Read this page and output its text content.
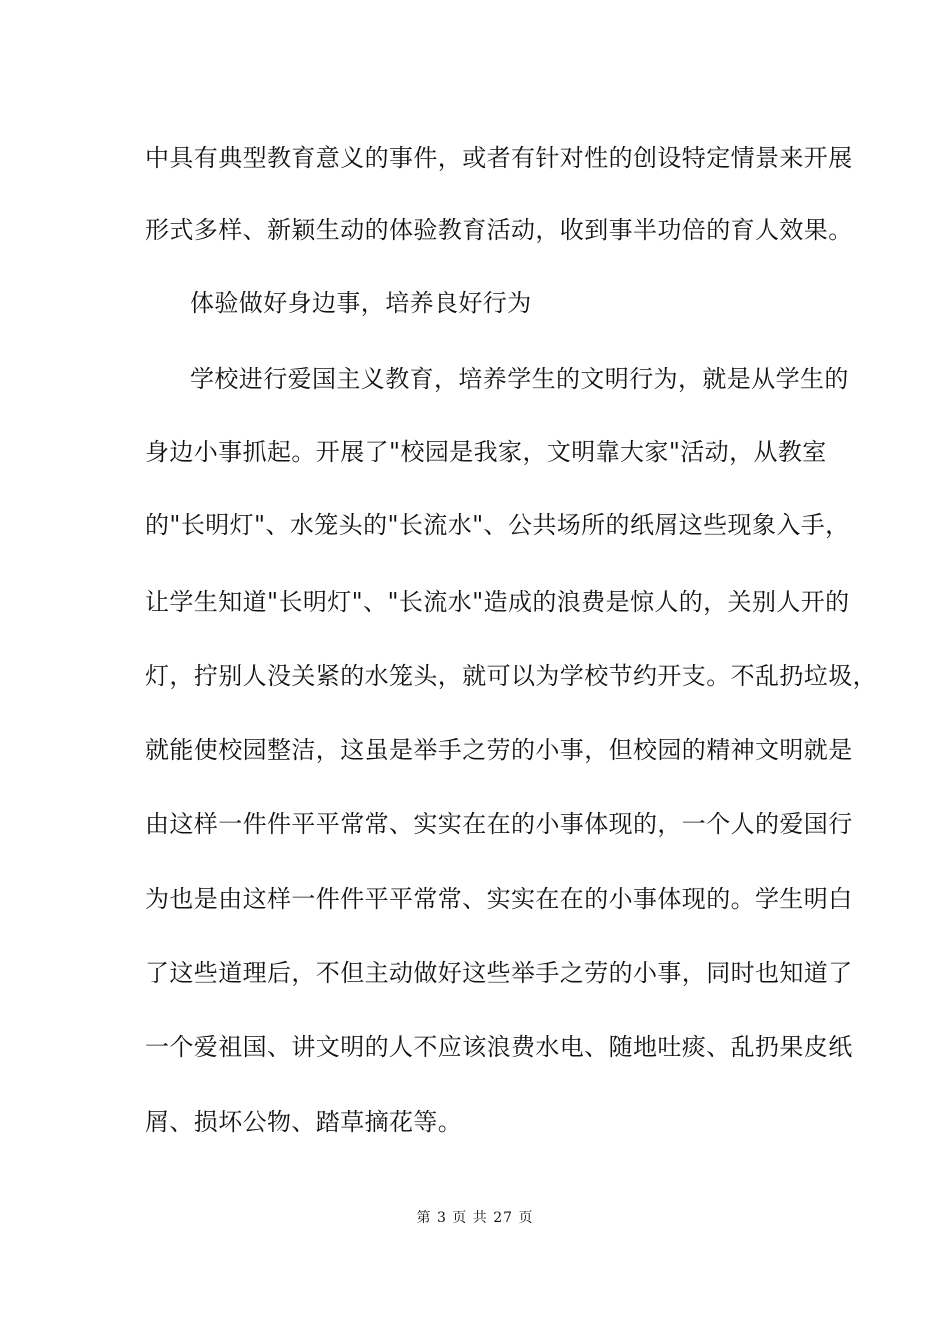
中具有典型教育意义的事件，或者有针对性的创设特定情景来开展
形式多样、新颖生动的体验教育活动，收到事半功倍的育人效果。
体验做好身边事，培养良好行为
学校进行爱国主义教育，培养学生的文明行为，就是从学生的
身边小事抓起。开展了"校园是我家，文明靠大家"活动，从教室
的"长明灯"、水笼头的"长流水"、公共场所的纸屑这些现象入手，
让学生知道"长明灯"、"长流水"造成的浪费是惊人的，关别人开的
灯，拧别人没关紧的水笼头，就可以为学校节约开支。不乱扔垃圾，
就能使校园整洁，这虽是举手之劳的小事，但校园的精神文明就是
由这样一件件平平常常、实实在在的小事体现的，一个人的爱国行
为也是由这样一件件平平常常、实实在在的小事体现的。学生明白
了这些道理后，不但主动做好这些举手之劳的小事，同时也知道了
一个爱祖国、讲文明的人不应该浪费水电、随地吐痰、乱扔果皮纸
屑、损坏公物、踏草摘花等。
第 3 页 共 27 页
